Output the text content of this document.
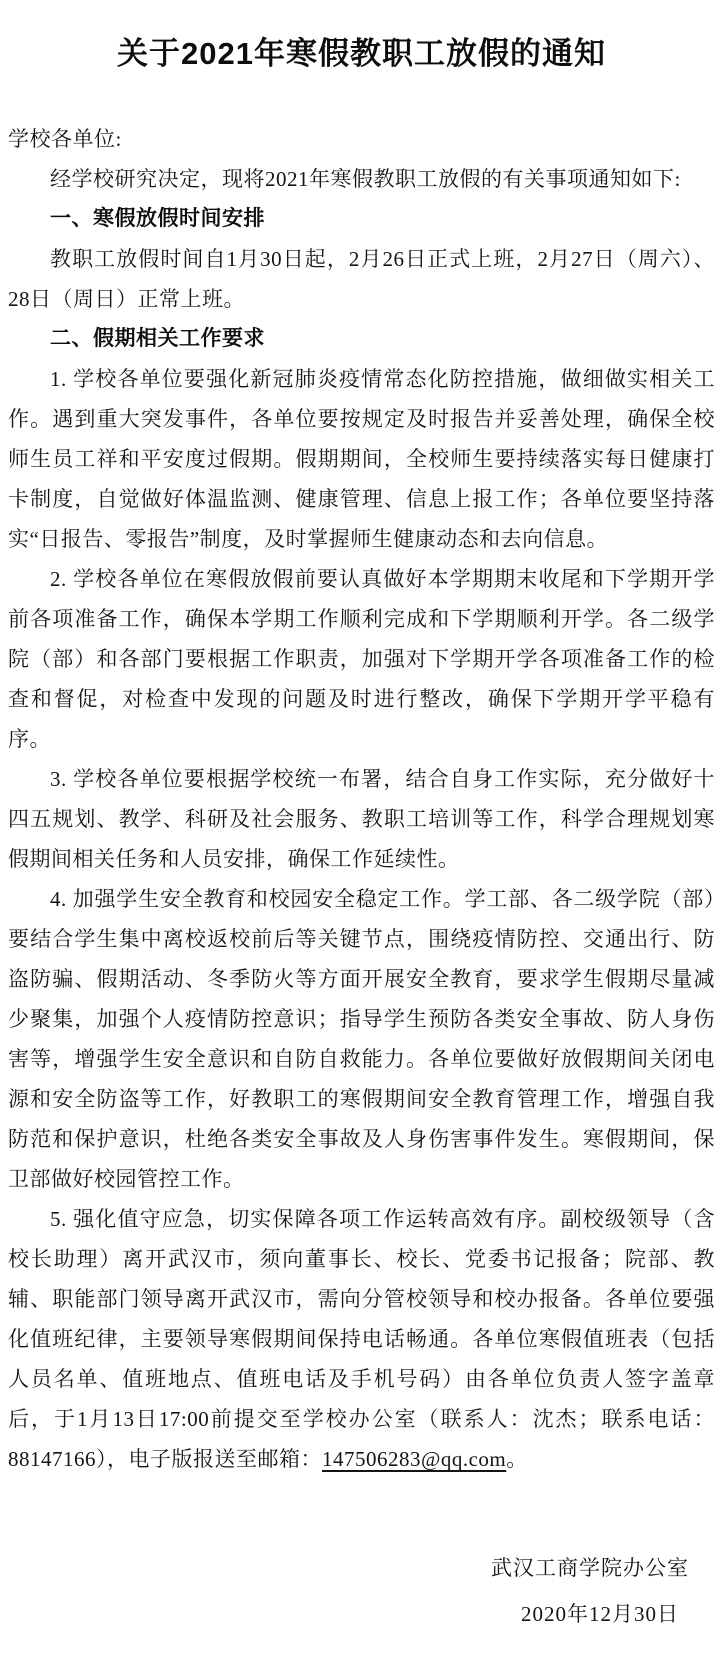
关于2021年寒假教职工放假的通知

学校各单位:

经学校研究决定，现将2021年寒假教职工放假的有关事项通知如下:

一、寒假放假时间安排

教职工放假时间自1月30日起，2月26日正式上班，2月27日（周六）、28日（周日）正常上班。

二、假期相关工作要求

1. 学校各单位要强化新冠肺炎疫情常态化防控措施，做细做实相关工作。遇到重大突发事件，各单位要按规定及时报告并妥善处理，确保全校师生员工祥和平安度过假期。假期期间，全校师生要持续落实每日健康打卡制度，自觉做好体温监测、健康管理、信息上报工作；各单位要坚持落实“日报告、零报告”制度，及时掌握师生健康动态和去向信息。

2. 学校各单位在寒假放假前要认真做好本学期期末收尾和下学期开学前各项准备工作，确保本学期工作顺利完成和下学期顺利开学。各二级学院（部）和各部门要根据工作职责，加强对下学期开学各项准备工作的检查和督促，对检查中发现的问题及时进行整改，确保下学期开学平稳有序。

3. 学校各单位要根据学校统一布署，结合自身工作实际，充分做好十四五规划、教学、科研及社会服务、教职工培训等工作，科学合理规划寒假期间相关任务和人员安排，确保工作延续性。

4. 加强学生安全教育和校园安全稳定工作。学工部、各二级学院（部）要结合学生集中离校返校前后等关键节点，围绕疫情防控、交通出行、防盗防骗、假期活动、冬季防火等方面开展安全教育，要求学生假期尽量减少聚集，加强个人疫情防控意识；指导学生预防各类安全事故、防人身伤害等，增强学生安全意识和自防自救能力。各单位要做好放假期间关闭电源和安全防盗等工作，好教职工的寒假期间安全教育管理工作，增强自我防范和保护意识，杜绝各类安全事故及人身伤害事件发生。寒假期间，保卫部做好校园管控工作。

5. 强化值守应急，切实保障各项工作运转高效有序。副校级领导（含校长助理）离开武汉市，须向董事长、校长、党委书记报备；院部、教辅、职能部门领导离开武汉市，需向分管校领导和校办报备。各单位要强化值班纪律，主要领导寒假期间保持电话畅通。各单位寒假值班表（包括人员名单、值班地点、值班电话及手机号码）由各单位负责人签字盖章后，于1月13日17:00前提交至学校办公室（联系人：沈杰；联系电话：88147166），电子版报送至邮箱：147506283@qq.com。

武汉工商学院办公室
2020年12月30日
